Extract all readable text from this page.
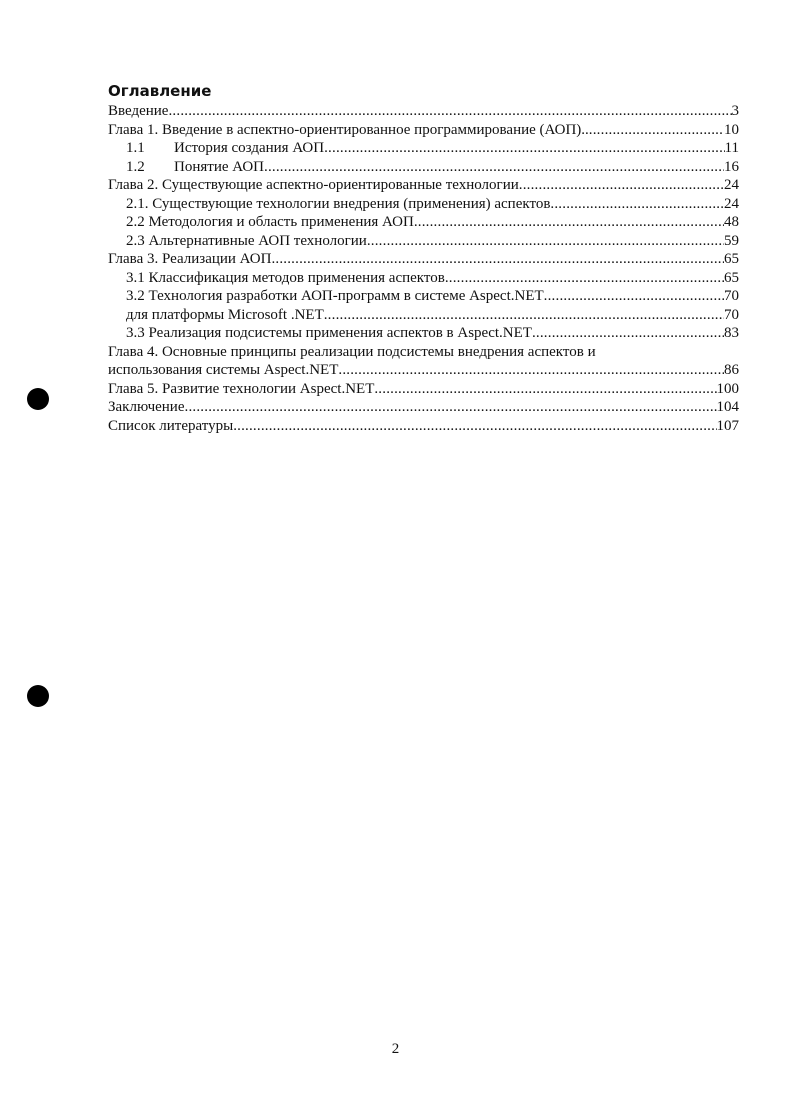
Оглавление
Введение .....	3
Глава 1. Введение в аспектно-ориентированное программирование (АОП).. .....	10
1.1	История создания АОП .....	11
1.2	Понятие АОП .....	16
Глава 2. Существующие аспектно-ориентированные технологии .....	24
2.1. Существующие технологии внедрения (применения) аспектов .....	24
2.2 Методология и область применения АОП .....	48
2.3 Альтернативные АОП технологии .....	59
Глава 3. Реализации АОП .....	65
3.1 Классификация методов применения аспектов .....	65
3.2 Технология разработки АОП-программ в системе Aspect.NET .....	70
для платформы Microsoft .NET .....	70
3.3 Реализация подсистемы применения аспектов в Aspect.NET .....	83
Глава 4. Основные принципы реализации подсистемы внедрения аспектов и
использования системы Aspect.NET .....	86
Глава 5. Развитие технологии Aspect.NET .....	100
Заключение .....	104
Список литературы .....	107
2
